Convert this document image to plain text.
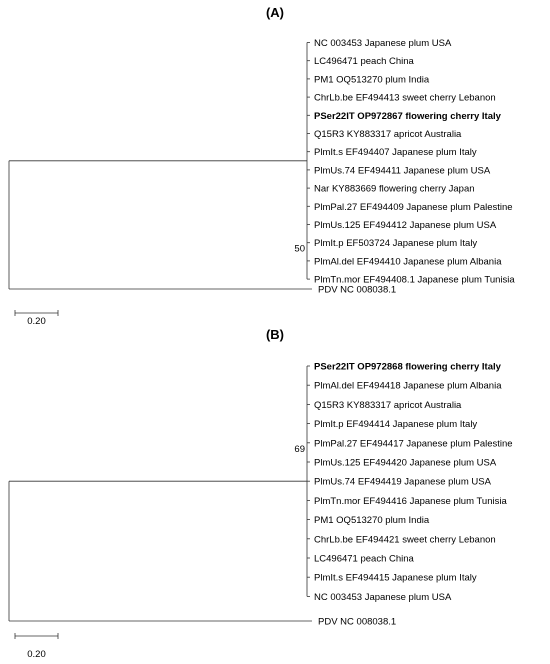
(A)
NC 003453 Japanese plum USA
LC496471 peach China
PM1 OQ513270 plum India
ChrLb.be EF494413 sweet cherry Lebanon
PSer22IT OP972867 flowering cherry Italy
Q15R3 KY883317 apricot Australia
PlmIt.s EF494407 Japanese plum Italy
PlmUs.74 EF494411 Japanese plum USA
Nar KY883669 flowering cherry Japan
PlmPal.27 EF494409 Japanese plum Palestine
PlmUs.125 EF494412 Japanese plum USA
PlmIt.p EF503724 Japanese plum Italy
PlmAl.del EF494410 Japanese plum Albania
PlmTn.mor EF494408.1 Japanese plum Tunisia
PDV NC 008038.1
50
0.20
(B)
PSer22IT OP972868 flowering cherry Italy
PlmAl.del EF494418 Japanese plum Albania
Q15R3 KY883317 apricot Australia
PlmIt.p EF494414 Japanese plum Italy
PlmPal.27 EF494417 Japanese plum Palestine
PlmUs.125 EF494420 Japanese plum USA
PlmUs.74 EF494419 Japanese plum USA
PlmTn.mor EF494416 Japanese plum Tunisia
PM1 OQ513270 plum India
ChrLb.be EF494421 sweet cherry Lebanon
LC496471 peach China
PlmIt.s EF494415 Japanese plum Italy
NC 003453 Japanese plum USA
PDV NC 008038.1
69
0.20
